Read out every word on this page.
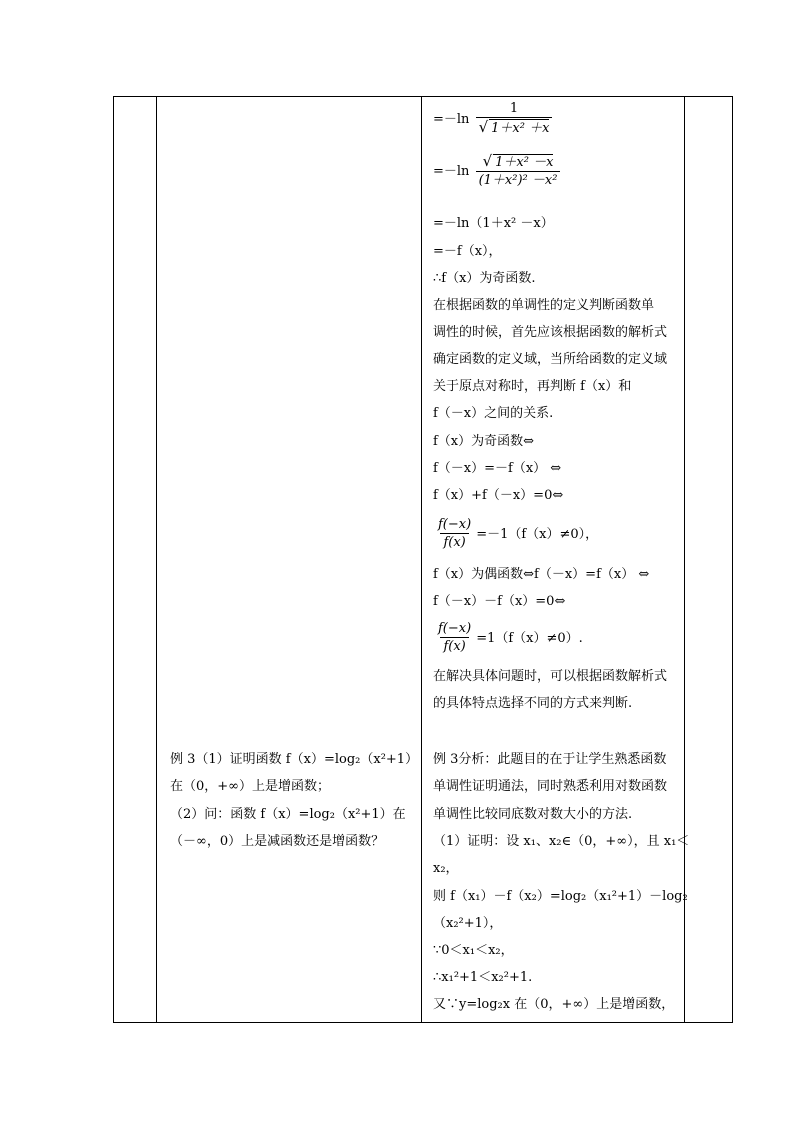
例 3（1）证明函数 f（x）=log₂（x²+1）
在（0，+∞）上是增函数；
（2）问：函数 f（x）=log₂（x²+1）在
（－∞，0）上是减函数还是增函数？
$=-\ln \frac{1}{\text{√ 1＋x² ＋x}}$
$=-\ln \frac{\text{√ 1＋x² －x}}{\text{(1＋x²)² －x²}}$
=－ln（1＋x² －x）
=－f（x），
∴f（x）为奇函数.
在根据函数的单调性的定义判断函数单
调性的时候，首先应该根据函数的解析式
确定函数的定义域，当所给函数的定义域
关于原点对称时，再判断 f（x）和
f（－x）之间的关系.
f（x）为奇函数⇔
f（－x）=－f（x） ⇔
f（x）+f（－x）=0⇔
$\frac{f(-x)}{f(x)} =-1(f(x)\ne 0)$，
f（x）为偶函数⇔f（－x）=f（x） ⇔
f（－x）－f（x）=0⇔
$\frac{f(-x)}{f(x)} =1(f(x)\ne 0)$.
在解决具体问题时，可以根据函数解析式
的具体特点选择不同的方式来判断.
例 3分析：此题目的在于让学生熟悉函数
单调性证明通法，同时熟悉利用对数函数
单调性比较同底数对数大小的方法.
（1）证明：设 x₁、x₂∈（0，+∞），且 x₁＜
x₂，
则 f（x₁）－f（x₂）=log₂（x₁²+1）－log₂
（x₂²+1），
∵0＜x₁＜x₂，
∴x₁²+1＜x₂²+1.
又∵y=log₂x 在（0，+∞）上是增函数，
